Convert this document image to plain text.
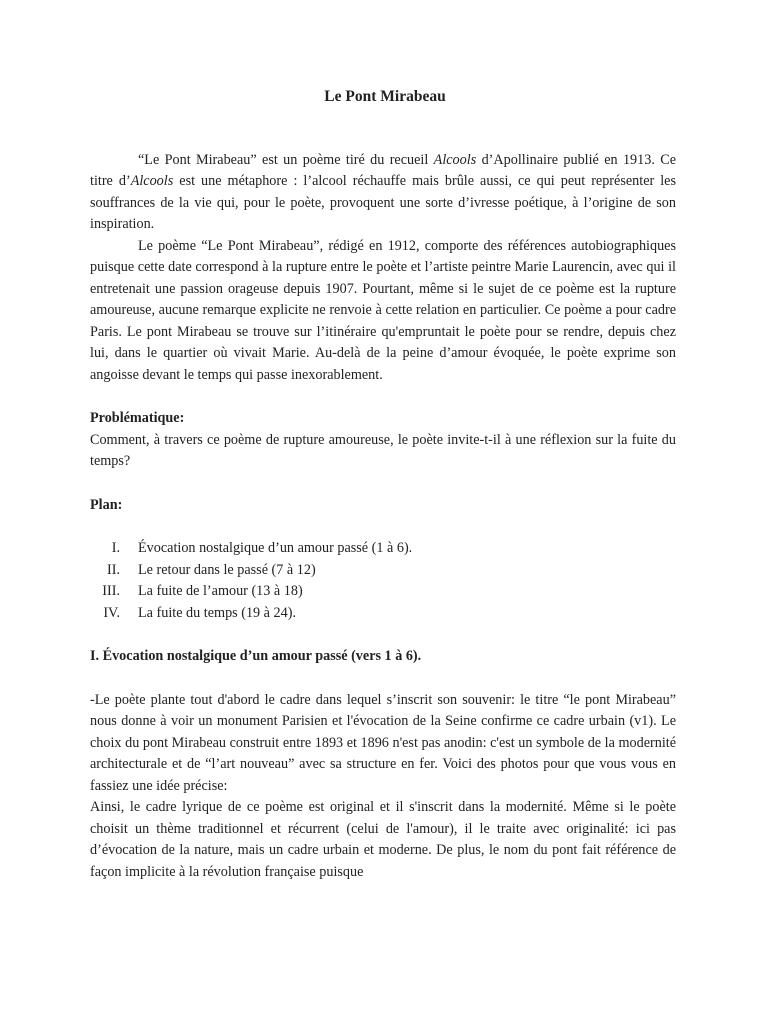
Le Pont Mirabeau

“Le Pont Mirabeau” est un poème tiré du recueil Alcools d’Apollinaire publié en 1913. Ce titre d’Alcools est une métaphore : l’alcool réchauffe mais brûle aussi, ce qui peut représenter les souffrances de la vie qui, pour le poète, provoquent une sorte d’ivresse poétique, à l’origine de son inspiration.

Le poème “Le Pont Mirabeau”, rédigé en 1912, comporte des références autobiographiques puisque cette date correspond à la rupture entre le poète et l’artiste peintre Marie Laurencin, avec qui il entretenait une passion orageuse depuis 1907. Pourtant, même si le sujet de ce poème est la rupture amoureuse, aucune remarque explicite ne renvoie à cette relation en particulier. Ce poème a pour cadre Paris. Le pont Mirabeau se trouve sur l’itinéraire qu'empruntait le poète pour se rendre, depuis chez lui, dans le quartier où vivait Marie. Au-delà de la peine d’amour évoquée, le poète exprime son angoisse devant le temps qui passe inexorablement.

Problématique:

Comment, à travers ce poème de rupture amoureuse, le poète invite-t-il à une réflexion sur la fuite du temps?

Plan:

I.	Évocation nostalgique d’un amour passé (1 à 6).
II.	Le retour dans le passé (7 à 12)
III.	La fuite de l’amour (13 à 18)
IV.	La fuite du temps (19 à 24).

I. Évocation nostalgique d’un amour passé (vers 1 à 6).

-Le poète plante tout d'abord le cadre dans lequel s’inscrit son souvenir: le titre “le pont Mirabeau” nous donne à voir un monument Parisien et l'évocation de la Seine confirme ce cadre urbain (v1). Le choix du pont Mirabeau construit entre 1893 et 1896 n'est pas anodin: c'est un symbole de la modernité architecturale et de “l’art nouveau” avec sa structure en fer. Voici des photos pour que vous vous en fassiez une idée précise:

Ainsi, le cadre lyrique de ce poème est original et il s'inscrit dans la modernité. Même si le poète choisit un thème traditionnel et récurrent (celui de l'amour), il le traite avec originalité: ici pas d’évocation de la nature, mais un cadre urbain et moderne. De plus, le nom du pont fait référence de façon implicite à la révolution française puisque
